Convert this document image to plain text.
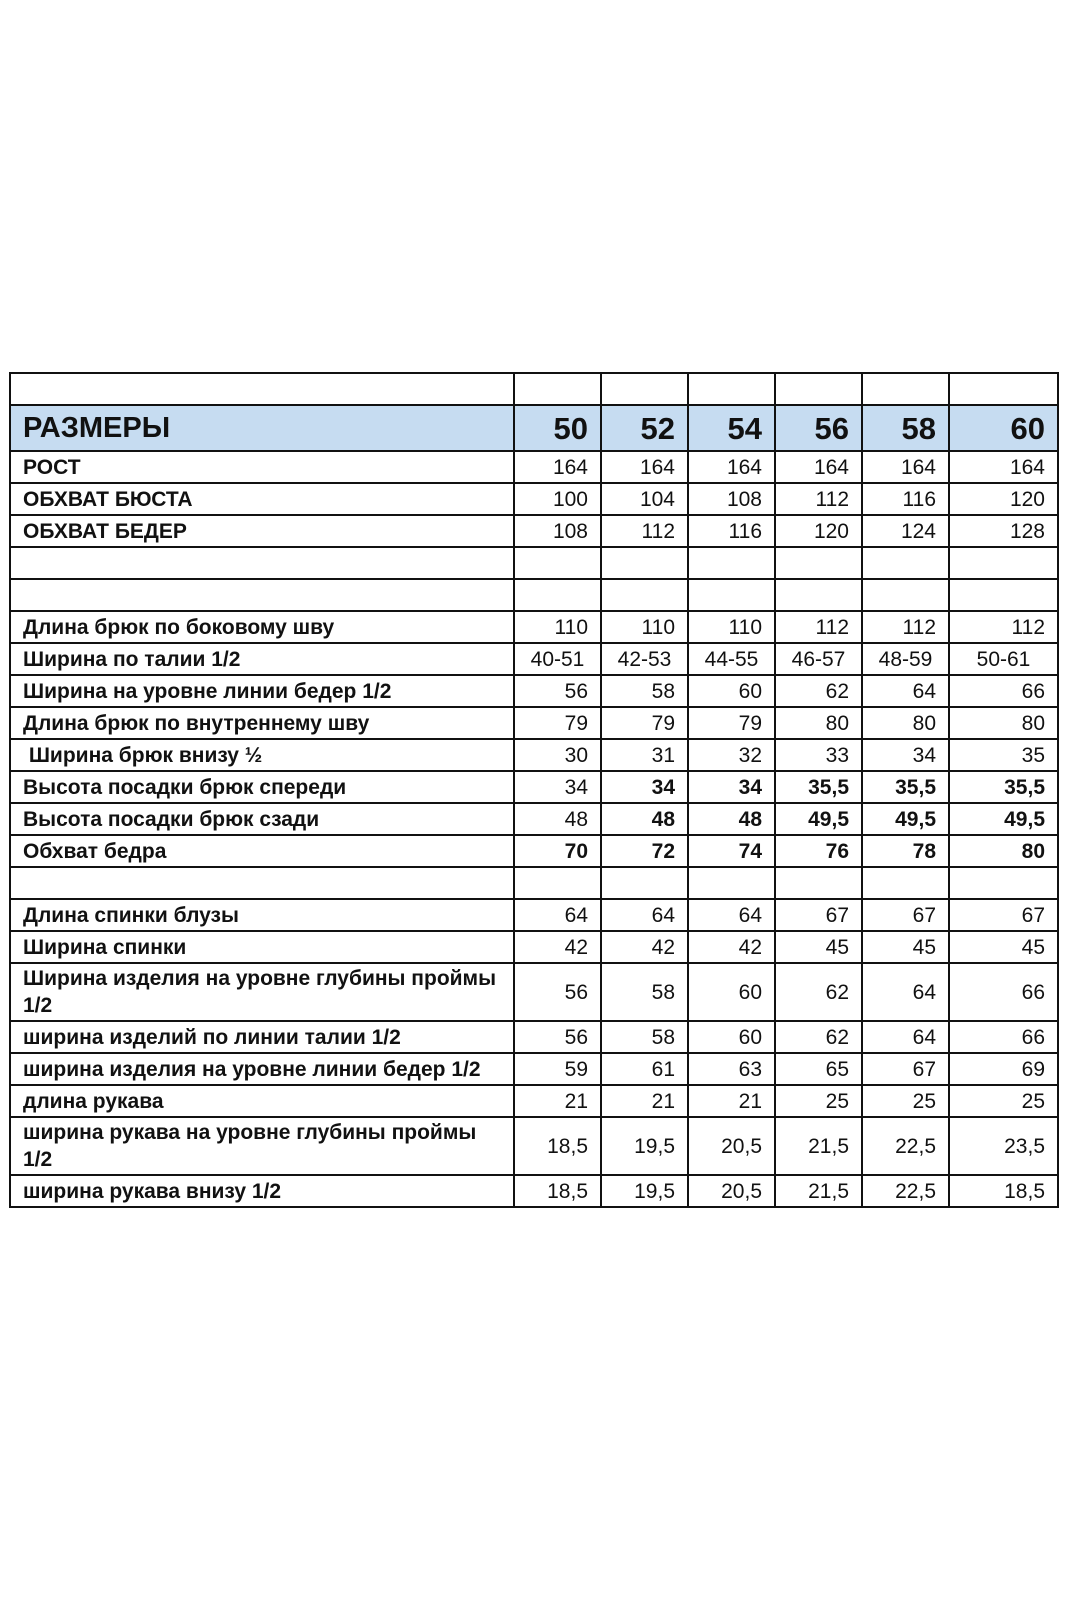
РАЗМЕРЫ	50	52	54	56	58	60
РОСТ	164	164	164	164	164	164
ОБХВАТ БЮСТА	100	104	108	112	116	120
ОБХВАТ БЕДЕР	108	112	116	120	124	128

Длина брюк по боковому шву	110	110	110	112	112	112
Ширина по талии 1/2	40-51	42-53	44-55	46-57	48-59	50-61
Ширина на уровне линии бедер 1/2	56	58	60	62	64	66
Длина брюк по внутреннему шву	79	79	79	80	80	80
Ширина брюк внизу ½	30	31	32	33	34	35
Высота посадки брюк спереди	34	34	34	35,5	35,5	35,5
Высота посадки брюк сзади	48	48	48	49,5	49,5	49,5
Обхват бедра	70	72	74	76	78	80

Длина спинки блузы	64	64	64	67	67	67
Ширина спинки	42	42	42	45	45	45
Ширина изделия на уровне глубины проймы 1/2	56	58	60	62	64	66
ширина изделий по линии талии 1/2	56	58	60	62	64	66
ширина изделия на уровне линии бедер 1/2	59	61	63	65	67	69
длина рукава	21	21	21	25	25	25
ширина рукава на уровне глубины проймы 1/2	18,5	19,5	20,5	21,5	22,5	23,5
ширина рукава внизу 1/2	18,5	19,5	20,5	21,5	22,5	18,5
